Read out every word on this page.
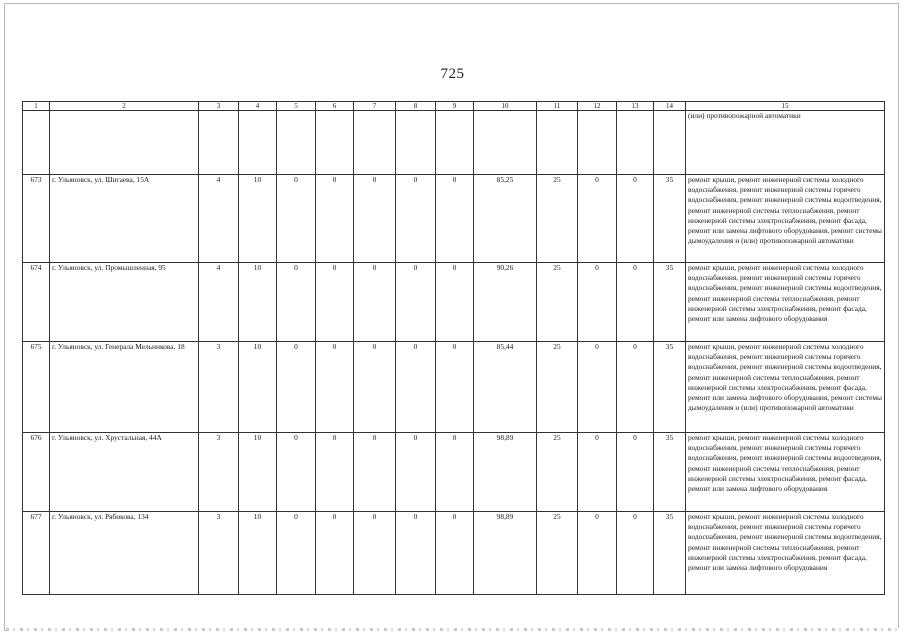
725
1	2	3	4	5	6	7	8	9	10	11	12	13	14	15
														(или) противопожарной автоматики
673	г. Ульяновск, ул. Шигаева, 15А	4	10	0	0	0	0	0	85,25	25	0	0	35	ремонт крыши, ремонт инженерной системы холодного водоснабжения, ремонт инженерной системы горячего водоснабжения, ремонт инженерной системы водоотведения, ремонт инженерной системы теплоснабжения, ремонт инженерной системы электроснабжения, ремонт фасада, ремонт или замена лифтового оборудования, ремонт системы дымоудаления и (или) противопожарной автоматики
674	г. Ульяновск, ул. Промышленная, 95	4	10	0	0	0	0	0	90,26	25	0	0	35	ремонт крыши, ремонт инженерной системы холодного водоснабжения, ремонт инженерной системы горячего водоснабжения, ремонт инженерной системы водоотведения, ремонт инженерной системы теплоснабжения, ремонт инженерной системы электроснабжения, ремонт фасада, ремонт или замена лифтового оборудования
675	г. Ульяновск, ул. Генерала Мельникова, 18	3	10	0	0	0	0	0	85,44	25	0	0	35	ремонт крыши, ремонт инженерной системы холодного водоснабжения, ремонт инженерной системы горячего водоснабжения, ремонт инженерной системы водоотведения, ремонт инженерной системы теплоснабжения, ремонт инженерной системы электроснабжения, ремонт фасада, ремонт или замена лифтового оборудования, ремонт системы дымоудаления и (или) противопожарной автоматики
676	г. Ульяновск, ул. Хрустальная, 44А	3	10	0	0	0	0	0	98,89	25	0	0	35	ремонт крыши, ремонт инженерной системы холодного водоснабжения, ремонт инженерной системы горячего водоснабжения, ремонт инженерной системы водоотведения, ремонт инженерной системы теплоснабжения, ремонт инженерной системы электроснабжения, ремонт фасада, ремонт или замена лифтового оборудования
677	г. Ульяновск, ул. Рябикова, 134	3	10	0	0	0	0	0	98,89	25	0	0	35	ремонт крыши, ремонт инженерной системы холодного водоснабжения, ремонт инженерной системы горячего водоснабжения, ремонт инженерной системы водоотведения, ремонт инженерной системы теплоснабжения, ремонт инженерной системы электроснабжения, ремонт фасада, ремонт или замена лифтового оборудования
